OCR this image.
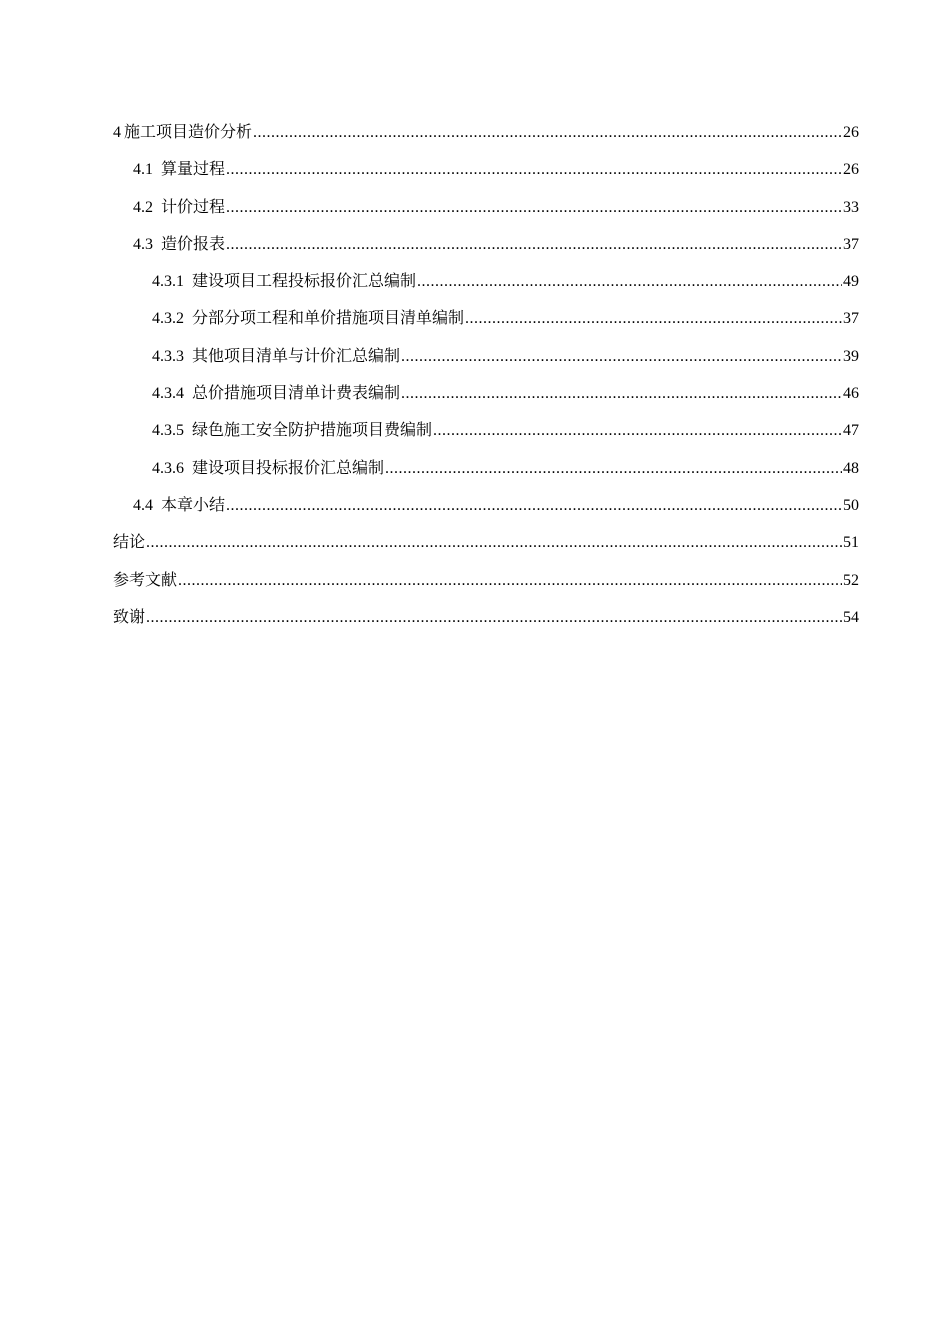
4 施工项目造价分析 .....	26
4.1 算量过程 .....	26
4.2 计价过程 .....	33
4.3 造价报表 .....	37
4.3.1 建设项目工程投标报价汇总编制 .....	49
4.3.2 分部分项工程和单价措施项目清单编制 .....	37
4.3.3 其他项目清单与计价汇总编制 .....	39
4.3.4 总价措施项目清单计费表编制 .....	46
4.3.5 绿色施工安全防护措施项目费编制 .....	47
4.3.6 建设项目投标报价汇总编制 .....	48
4.4 本章小结 .....	50
结论 .....	51
参考文献 .....	52
致谢 .....	54
